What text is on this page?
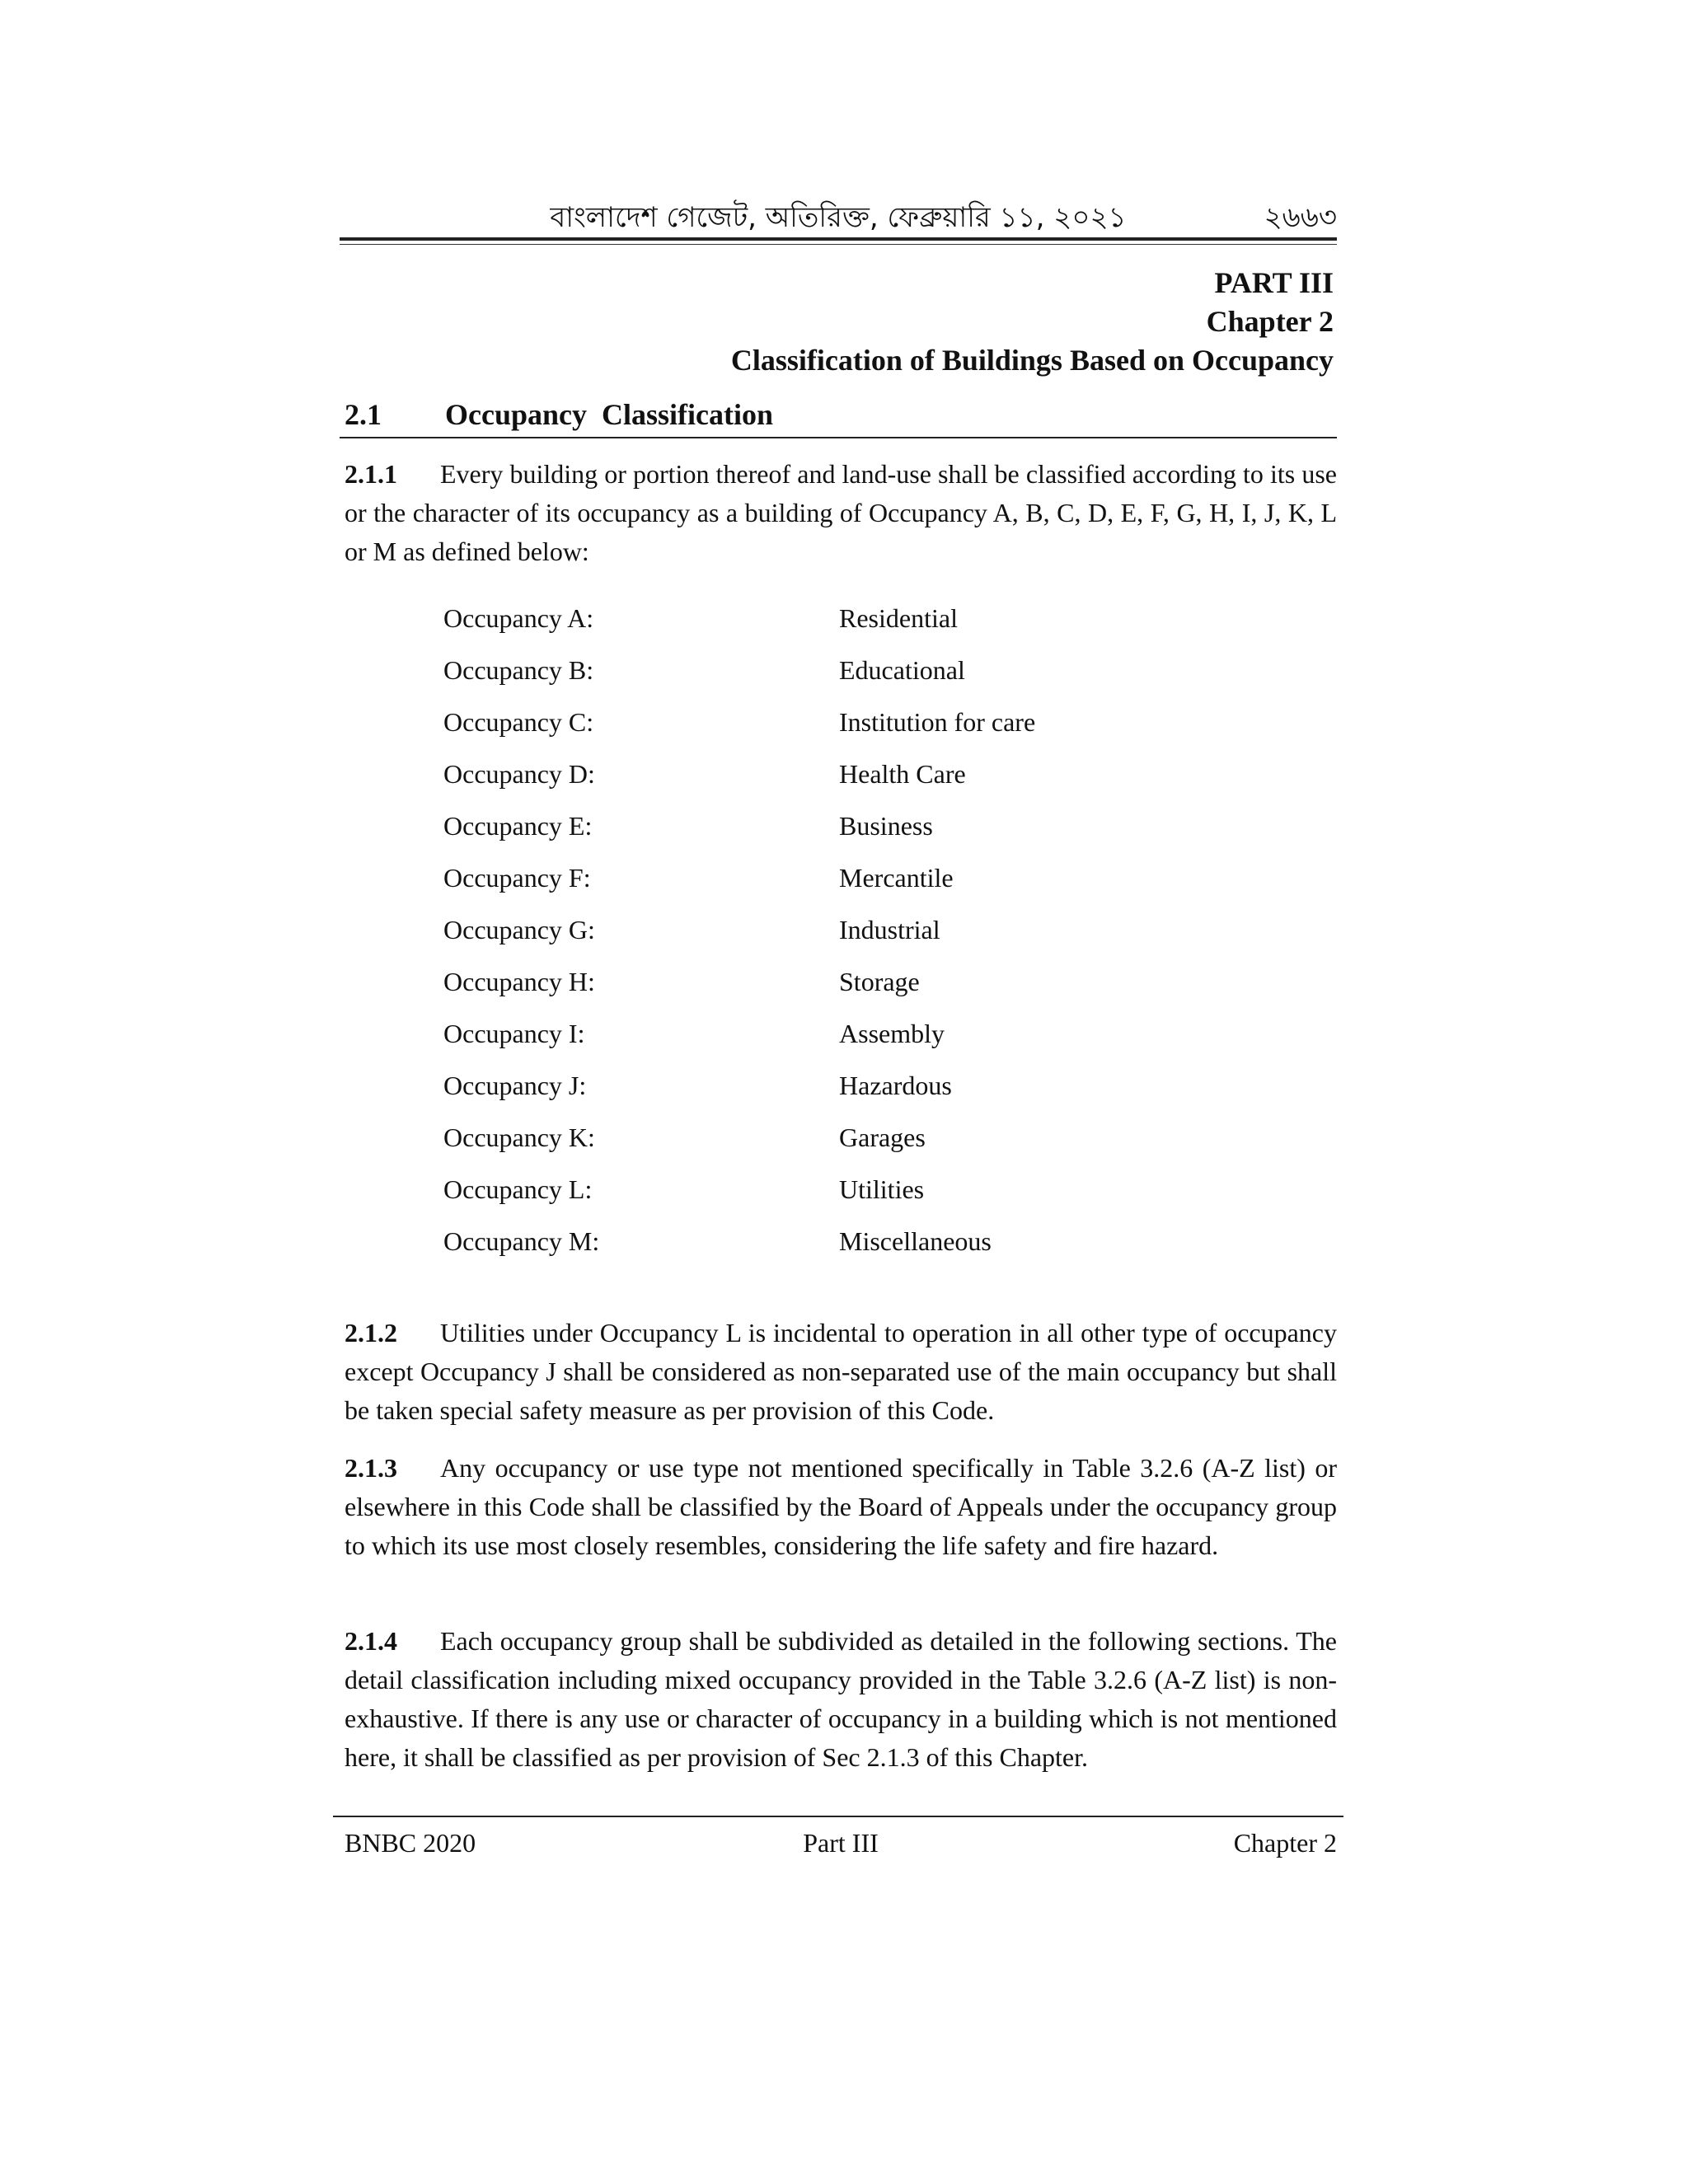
বাংলাদেশ গেজেট, অতিরিক্ত, ফেব্রুয়ারি ১১, ২০২১	২৬৬৩
PART III
Chapter 2
Classification of Buildings Based on Occupancy
2.1 Occupancy  Classification
2.1.1 Every building or portion thereof and land-use shall be classified according to its use or the character of its occupancy as a building of Occupancy A, B, C, D, E, F, G, H, I, J, K, L or M as defined below:
Occupancy A:	Residential
Occupancy B:	Educational
Occupancy C:	Institution for care
Occupancy D:	Health Care
Occupancy E:	Business
Occupancy F:	Mercantile
Occupancy G:	Industrial
Occupancy H:	Storage
Occupancy I:	Assembly
Occupancy J:	Hazardous
Occupancy K:	Garages
Occupancy L:	Utilities
Occupancy M:	Miscellaneous
2.1.2 Utilities under Occupancy L is incidental to operation in all other type of occupancy except Occupancy J shall be considered as non-separated use of the main occupancy but shall be taken special safety measure as per provision of this Code.
2.1.3 Any occupancy or use type not mentioned specifically in Table 3.2.6 (A-Z list) or elsewhere in this Code shall be classified by the Board of Appeals under the occupancy group to which its use most closely resembles, considering the life safety and fire hazard.
2.1.4 Each occupancy group shall be subdivided as detailed in the following sections. The detail classification including mixed occupancy provided in the Table 3.2.6 (A-Z list) is non-exhaustive. If there is any use or character of occupancy in a building which is not mentioned here, it shall be classified as per provision of Sec 2.1.3 of this Chapter.
BNBC 2020	Part III	Chapter 2
